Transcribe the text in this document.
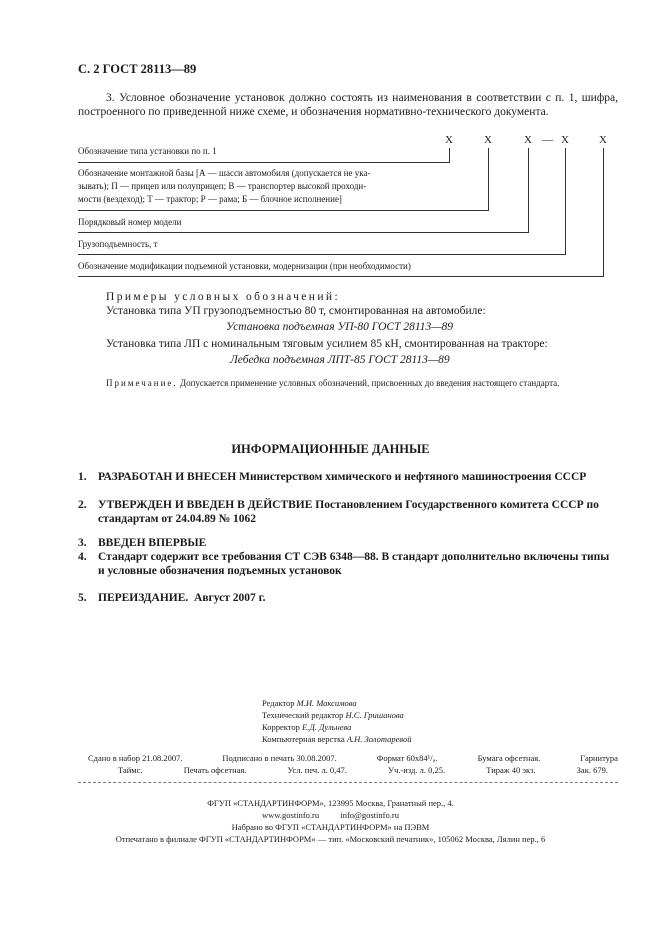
С. 2 ГОСТ 28113—89
3. Условное обозначение установок должно состоять из наименования в соответствии с п. 1, шифра, построенного по приведенной ниже схеме, и обозначения нормативно-технического документа.
X	X	X — X	X
Обозначение типа установки по п. 1
Обозначение монтажной базы [А — шасси автомобиля (допускается не ука-
зывать); П — прицеп или полуприцеп; В — транспортер высокой проходи-
мости (вездеход); Т — трактор; Р — рама; Б — блочное исполнение]
Порядковый номер модели
Грузоподъемность, т
Обозначение модификации подъемной установки, модернизации (при необходимости)
Примеры условных обозначений:
Установка типа УП грузоподъемностью 80 т, смонтированная на автомобиле:
Установка подъемная УП-80 ГОСТ 28113—89
Установка типа ЛП с номинальным тяговым усилием 85 кН, смонтированная на тракторе:
Лебедка подъемная ЛПТ-85 ГОСТ 28113—89
Примечание. Допускается применение условных обозначений, присвоенных до введения настоящего стандарта.
ИНФОРМАЦИОННЫЕ ДАННЫЕ
1. РАЗРАБОТАН И ВНЕСЕН Министерством химического и нефтяного машиностроения СССР
2. УТВЕРЖДЕН И ВВЕДЕН В ДЕЙСТВИЕ Постановлением Государственного комитета СССР по стандартам от 24.04.89 № 1062
3. ВВЕДЕН ВПЕРВЫЕ
4. Стандарт содержит все требования СТ СЭВ 6348—88. В стандарт дополнительно включены типы и условные обозначения подъемных установок
5. ПЕРЕИЗДАНИЕ. Август 2007 г.
Редактор М.И. Максимова
Технический редактор Н.С. Гришанова
Корректор Е.Д. Дульнева
Компьютерная верстка А.Н. Золотаревой
Сдано в набор 21.08.2007.	Подписано в печать 30.08.2007.	Формат 60x84¹/₈.	Бумага офсетная.	Гарнитура
Таймс.	Печать офсетная.	Усл. печ. л. 0,47.	Уч.-изд. л. 0,25.	Тираж 40 экз.	Зак. 679.
ФГУП «СТАНДАРТИНФОРМ», 123995 Москва, Гранатный пер., 4.
www.gostinfo.ru          info@gostinfo.ru
Набрано во ФГУП «СТАНДАРТИНФОРМ» на ПЭВМ
Отпечатано в филиале ФГУП «СТАНДАРТИНФОРМ» — тип. «Московский печатник», 105062 Москва, Лялин пер., 6
